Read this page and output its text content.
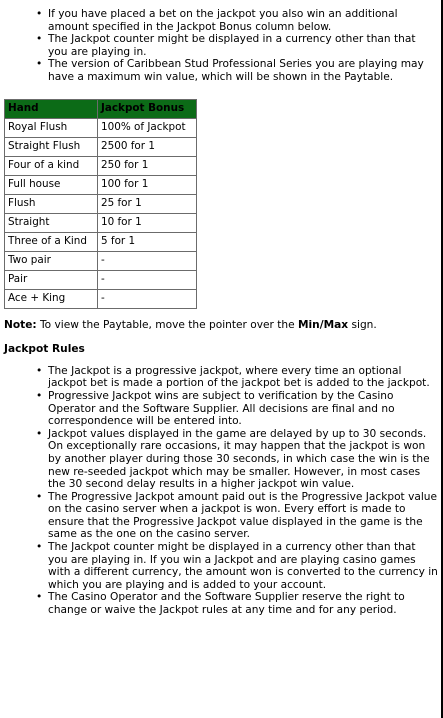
• If you have placed a bet on the jackpot you also win an additional amount specified in the Jackpot Bonus column below.
• The Jackpot counter might be displayed in a currency other than that you are playing in.
• The version of Caribbean Stud Professional Series you are playing may have a maximum win value, which will be shown in the Paytable.
Hand	Jackpot Bonus
Royal Flush	100% of Jackpot
Straight Flush	2500 for 1
Four of a kind	250 for 1
Full house	100 for 1
Flush	25 for 1
Straight	10 for 1
Three of a Kind	5 for 1
Two pair	-
Pair	-
Ace + King	-
Note: To view the Paytable, move the pointer over the Min/Max sign.
Jackpot Rules
• The Jackpot is a progressive jackpot, where every time an optional jackpot bet is made a portion of the jackpot bet is added to the jackpot.
• Progressive Jackpot wins are subject to verification by the Casino Operator and the Software Supplier. All decisions are final and no correspondence will be entered into.
• Jackpot values displayed in the game are delayed by up to 30 seconds. On exceptionally rare occasions, it may happen that the jackpot is won by another player during those 30 seconds, in which case the win is the new re-seeded jackpot which may be smaller. However, in most cases the 30 second delay results in a higher jackpot win value.
• The Progressive Jackpot amount paid out is the Progressive Jackpot value on the casino server when a jackpot is won. Every effort is made to ensure that the Progressive Jackpot value displayed in the game is the same as the one on the casino server.
• The Jackpot counter might be displayed in a currency other than that you are playing in. If you win a Jackpot and are playing casino games with a different currency, the amount won is converted to the currency in which you are playing and is added to your account.
• The Casino Operator and the Software Supplier reserve the right to change or waive the Jackpot rules at any time and for any period.
